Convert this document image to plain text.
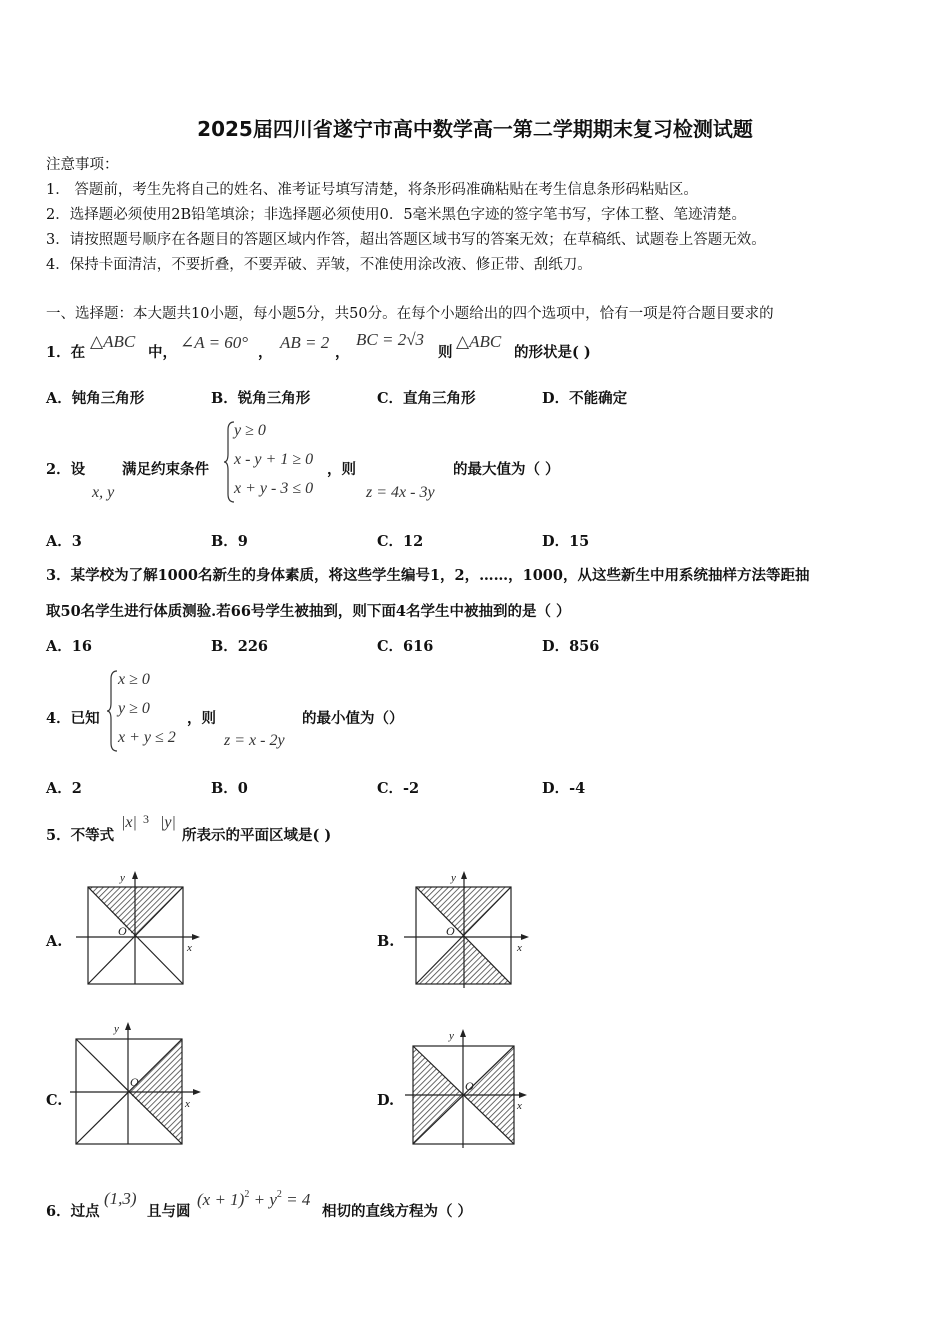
2025届四川省遂宁市高中数学高一第二学期期末复习检测试题
注意事项：
1． 答题前，考生先将自己的姓名、准考证号填写清楚，将条形码准确粘贴在考生信息条形码粘贴区。
2．选择题必须使用2B铅笔填涂；非选择题必须使用0．5毫米黑色字迹的签字笔书写，字体工整、笔迹清楚。
3．请按照题号顺序在各题目的答题区域内作答，超出答题区域书写的答案无效；在草稿纸、试题卷上答题无效。
4．保持卡面清洁，不要折叠，不要弄破、弄皱，不准使用涂改液、修正带、刮纸刀。
一、选择题：本大题共10小题，每小题5分，共50分。在每个小题给出的四个选项中，恰有一项是符合题目要求的
1．在
△ABC
中，
∠A = 60°
，
AB = 2
，
BC = 2√3
则
△ABC
的形状是( )
A．钝角三角形	B．锐角三角形	C．直角三角形	D．不能确定
2．设
x, y
满足约束条件
y ≥ 0
x - y + 1 ≥ 0
x + y - 3 ≤ 0
，则
z = 4x - 3y
的最大值为（ ）
A．3	B．9	C．12	D．15
3．某学校为了解1000名新生的身体素质，将这些学生编号1，2，……，1000，从这些新生中用系统抽样方法等距抽
取50名学生进行体质测验.若66号学生被抽到，则下面4名学生中被抽到的是（ ）
A．16	B．226	C．616	D．856
4．已知
x ≥ 0
y ≥ 0
x + y ≤ 2
，则
z = x - 2y
的最小值为（）
A．2	B．0	C．-2	D．-4
5．不等式
|x| 3 |y|
所表示的平面区域是( )
A.	B.
C.	D.
y
x
O
y
x
O
y
x
O
y
x
O
6．过点
(1,3)
且与圆
$(x + 1)^2 + y^2 = 4$
相切的直线方程为（ ）
